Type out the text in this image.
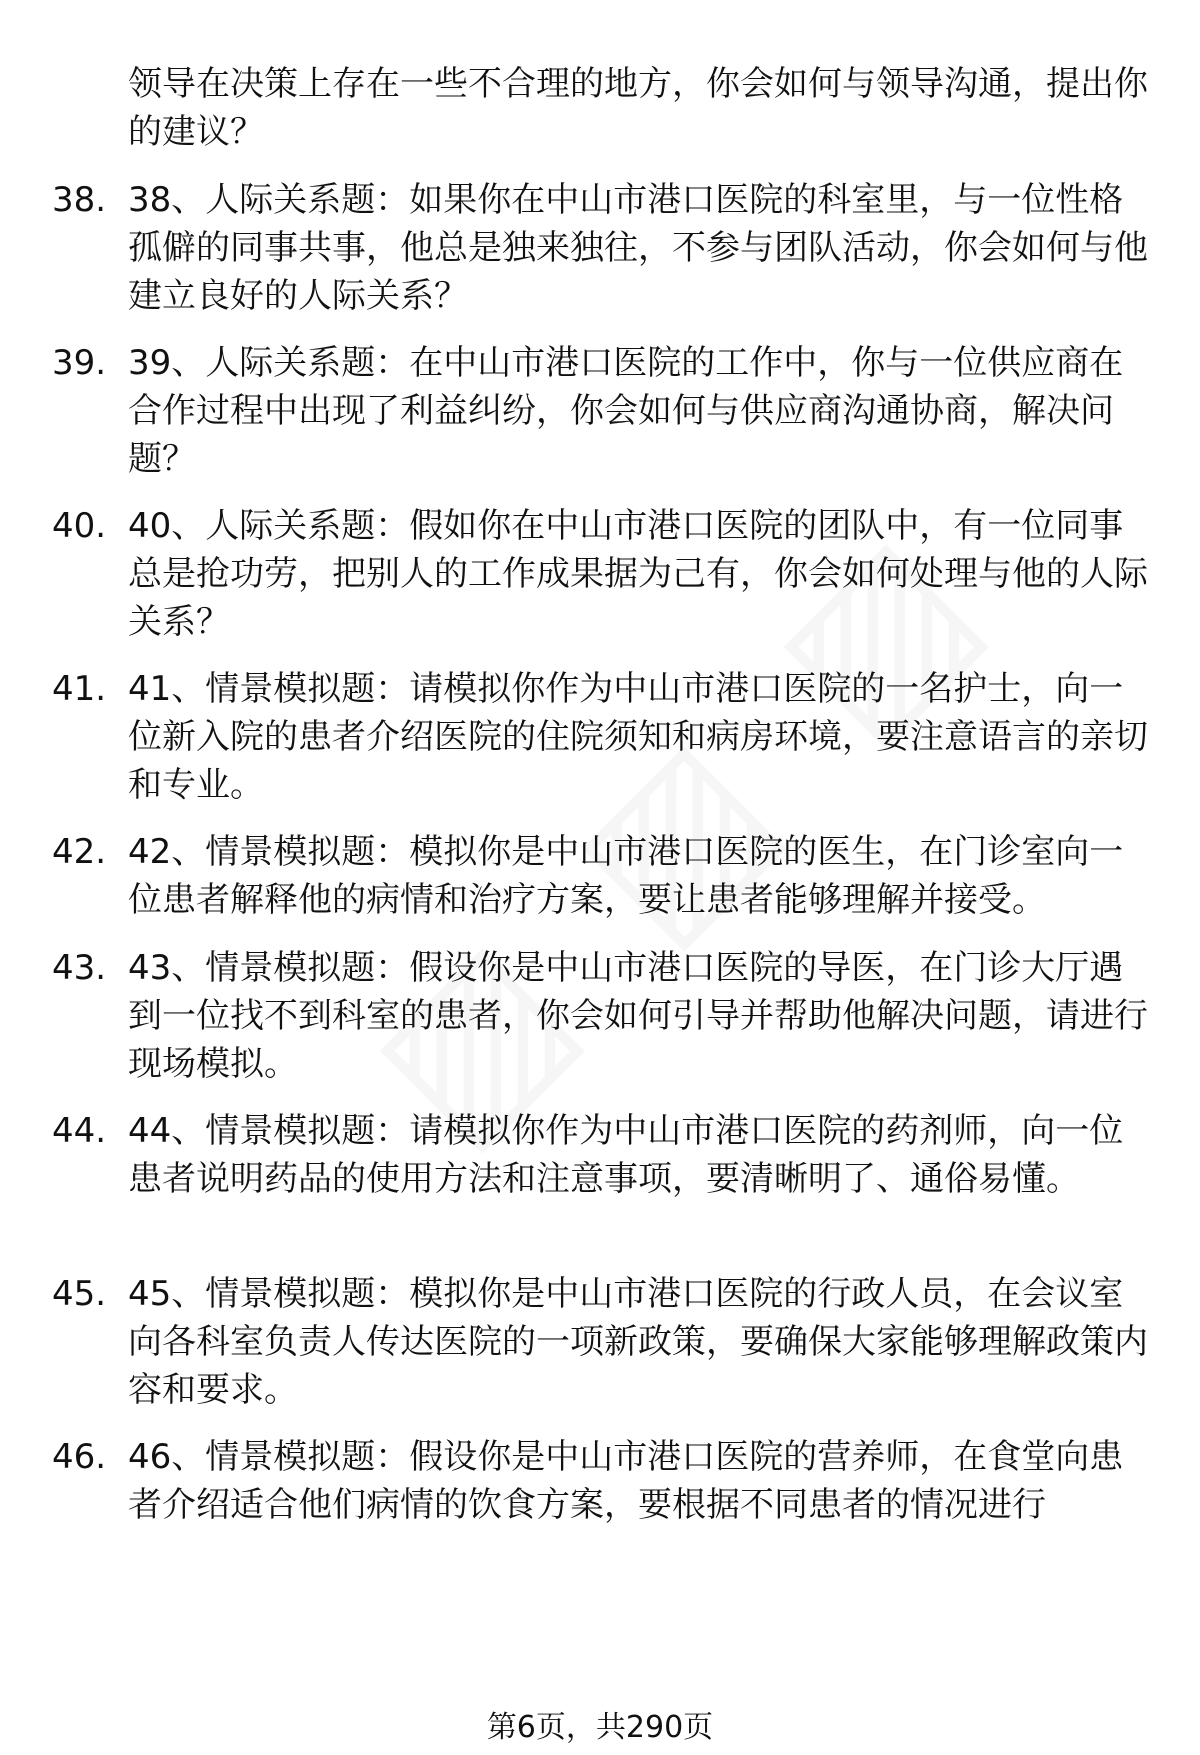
领导在决策上存在一些不合理的地方，你会如何与领导沟通，提出你的建议？
38. 38、人际关系题：如果你在中山市港口医院的科室里，与一位性格孤僻的同事共事，他总是独来独往，不参与团队活动，你会如何与他建立良好的人际关系？
39. 39、人际关系题：在中山市港口医院的工作中，你与一位供应商在合作过程中出现了利益纠纷，你会如何与供应商沟通协商，解决问题？
40. 40、人际关系题：假如你在中山市港口医院的团队中，有一位同事总是抢功劳，把别人的工作成果据为己有，你会如何处理与他的人际关系？
41. 41、情景模拟题：请模拟你作为中山市港口医院的一名护士，向一位新入院的患者介绍医院的住院须知和病房环境，要注意语言的亲切和专业。
42. 42、情景模拟题：模拟你是中山市港口医院的医生，在门诊室向一位患者解释他的病情和治疗方案，要让患者能够理解并接受。
43. 43、情景模拟题：假设你是中山市港口医院的导医，在门诊大厅遇到一位找不到科室的患者，你会如何引导并帮助他解决问题，请进行现场模拟。
44. 44、情景模拟题：请模拟你作为中山市港口医院的药剂师，向一位患者说明药品的使用方法和注意事项，要清晰明了、通俗易懂。
45. 45、情景模拟题：模拟你是中山市港口医院的行政人员，在会议室向各科室负责人传达医院的一项新政策，要确保大家能够理解政策内容和要求。
46. 46、情景模拟题：假设你是中山市港口医院的营养师，在食堂向患者介绍适合他们病情的饮食方案，要根据不同患者的情况进行
第6页，共290页
